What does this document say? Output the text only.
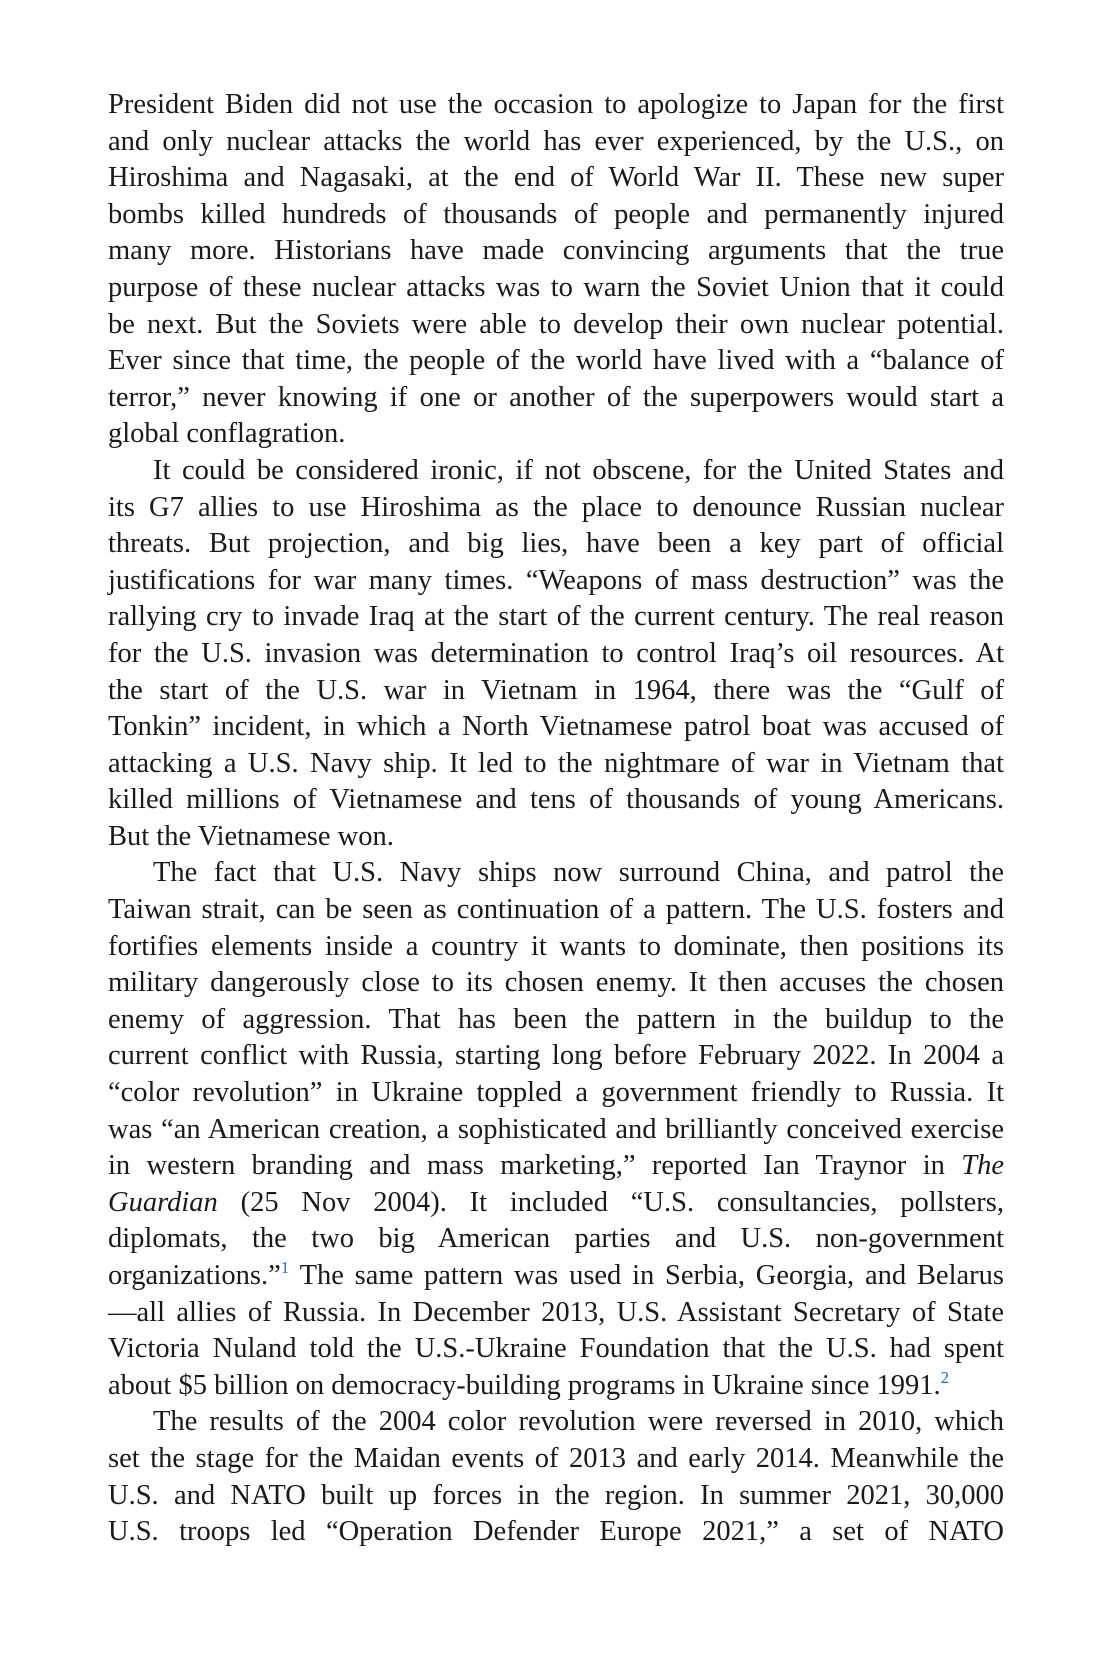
President Biden did not use the occasion to apologize to Japan for the first
and only nuclear attacks the world has ever experienced, by the U.S., on
Hiroshima and Nagasaki, at the end of World War II. These new super
bombs killed hundreds of thousands of people and permanently injured
many more. Historians have made convincing arguments that the true
purpose of these nuclear attacks was to warn the Soviet Union that it could
be next. But the Soviets were able to develop their own nuclear potential.
Ever since that time, the people of the world have lived with a “balance of
terror,” never knowing if one or another of the superpowers would start a
global conflagration.
It could be considered ironic, if not obscene, for the United States and
its G7 allies to use Hiroshima as the place to denounce Russian nuclear
threats. But projection, and big lies, have been a key part of official
justifications for war many times. “Weapons of mass destruction” was the
rallying cry to invade Iraq at the start of the current century. The real reason
for the U.S. invasion was determination to control Iraq’s oil resources. At
the start of the U.S. war in Vietnam in 1964, there was the “Gulf of
Tonkin” incident, in which a North Vietnamese patrol boat was accused of
attacking a U.S. Navy ship. It led to the nightmare of war in Vietnam that
killed millions of Vietnamese and tens of thousands of young Americans.
But the Vietnamese won.
The fact that U.S. Navy ships now surround China, and patrol the
Taiwan strait, can be seen as continuation of a pattern. The U.S. fosters and
fortifies elements inside a country it wants to dominate, then positions its
military dangerously close to its chosen enemy. It then accuses the chosen
enemy of aggression. That has been the pattern in the buildup to the
current conflict with Russia, starting long before February 2022. In 2004 a
“color revolution” in Ukraine toppled a government friendly to Russia. It
was “an American creation, a sophisticated and brilliantly conceived exercise
in western branding and mass marketing,” reported Ian Traynor in The
Guardian (25 Nov 2004). It included “U.S. consultancies, pollsters,
diplomats, the two big American parties and U.S. non-government
organizations.”$^1$ The same pattern was used in Serbia, Georgia, and Belarus
—all allies of Russia. In December 2013, U.S. Assistant Secretary of State
Victoria Nuland told the U.S.-Ukraine Foundation that the U.S. had spent
about $5 billion on democracy-building programs in Ukraine since 1991.$^2$
The results of the 2004 color revolution were reversed in 2010, which
set the stage for the Maidan events of 2013 and early 2014. Meanwhile the
U.S. and NATO built up forces in the region. In summer 2021, 30,000
U.S. troops led “Operation Defender Europe 2021,” a set of NATO
